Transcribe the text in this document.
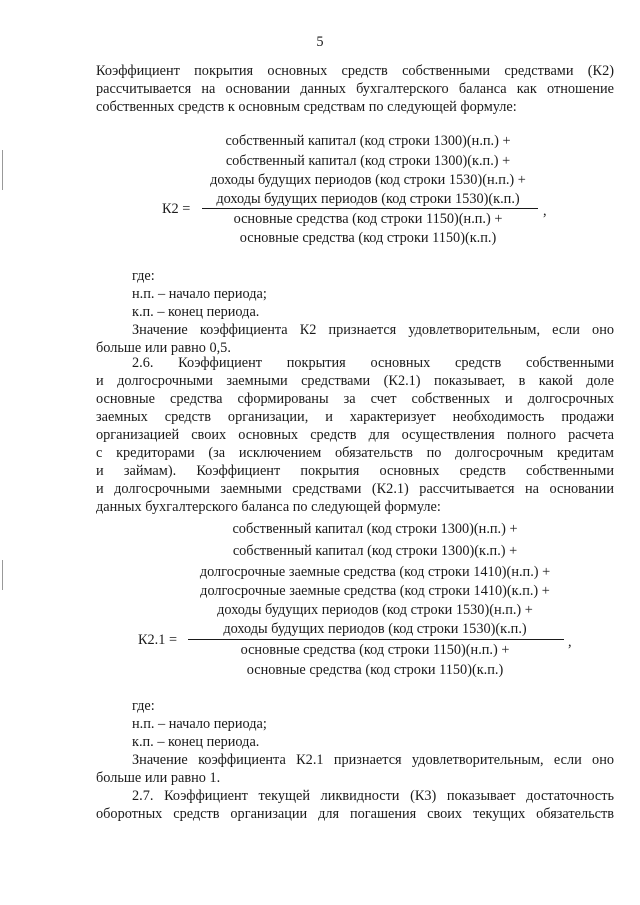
5
Коэффициент покрытия основных средств собственными средствами (К2)
рассчитывается на основании данных бухгалтерского баланса как отношение
собственных средств к основным средствам по следующей формуле:
собственный капитал (код строки 1300)(н.п.) +
собственный капитал (код строки 1300)(к.п.) +
доходы будущих периодов (код строки 1530)(н.п.) +
доходы будущих периодов (код строки 1530)(к.п.)
К2 =	,
основные средства (код строки 1150)(н.п.) +
основные средства (код строки 1150)(к.п.)
где:
н.п. – начало периода;
к.п. – конец периода.
Значение коэффициента К2 признается удовлетворительным, если оно
больше или равно 0,5.
2.6. Коэффициент покрытия основных средств собственными
и долгосрочными заемными средствами (К2.1) показывает, в какой доле
основные средства сформированы за счет собственных и долгосрочных
заемных средств организации, и характеризует необходимость продажи
организацией своих основных средств для осуществления полного расчета
с кредиторами (за исключением обязательств по долгосрочным кредитам
и займам). Коэффициент покрытия основных средств собственными
и долгосрочными заемными средствами (К2.1) рассчитывается на основании
данных бухгалтерского баланса по следующей формуле:
собственный капитал (код строки 1300)(н.п.) +
собственный капитал (код строки 1300)(к.п.) +
долгосрочные заемные средства (код строки 1410)(н.п.) +
долгосрочные заемные средства (код строки 1410)(к.п.) +
доходы будущих периодов (код строки 1530)(н.п.) +
доходы будущих периодов (код строки 1530)(к.п.)
К2.1 =	,
основные средства (код строки 1150)(н.п.) +
основные средства (код строки 1150)(к.п.)
где:
н.п. – начало периода;
к.п. – конец периода.
Значение коэффициента К2.1 признается удовлетворительным, если оно
больше или равно 1.
2.7. Коэффициент текущей ликвидности (К3) показывает достаточность
оборотных средств организации для погашения своих текущих обязательств
